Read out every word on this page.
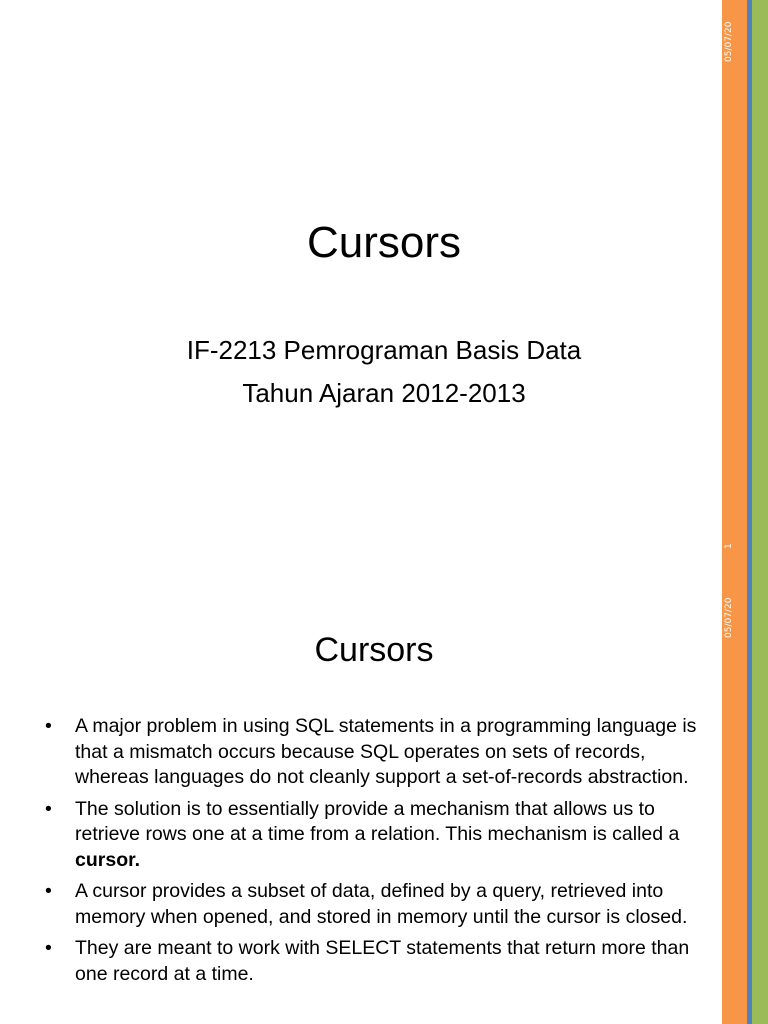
05/07/20
1
Cursors
IF-2213 Pemrograman Basis Data
Tahun Ajaran 2012-2013
05/07/20
Cursors
• A major problem in using SQL statements in a programming language is that a mismatch occurs because SQL operates on sets of records, whereas languages do not cleanly support a set-of-records abstraction.
• The solution is to essentially provide a mechanism that allows us to retrieve rows one at a time from a relation. This mechanism is called a cursor.
• A cursor provides a subset of data, defined by a query, retrieved into memory when opened, and stored in memory until the cursor is closed.
• They are meant to work with SELECT statements that return more than one record at a time.
